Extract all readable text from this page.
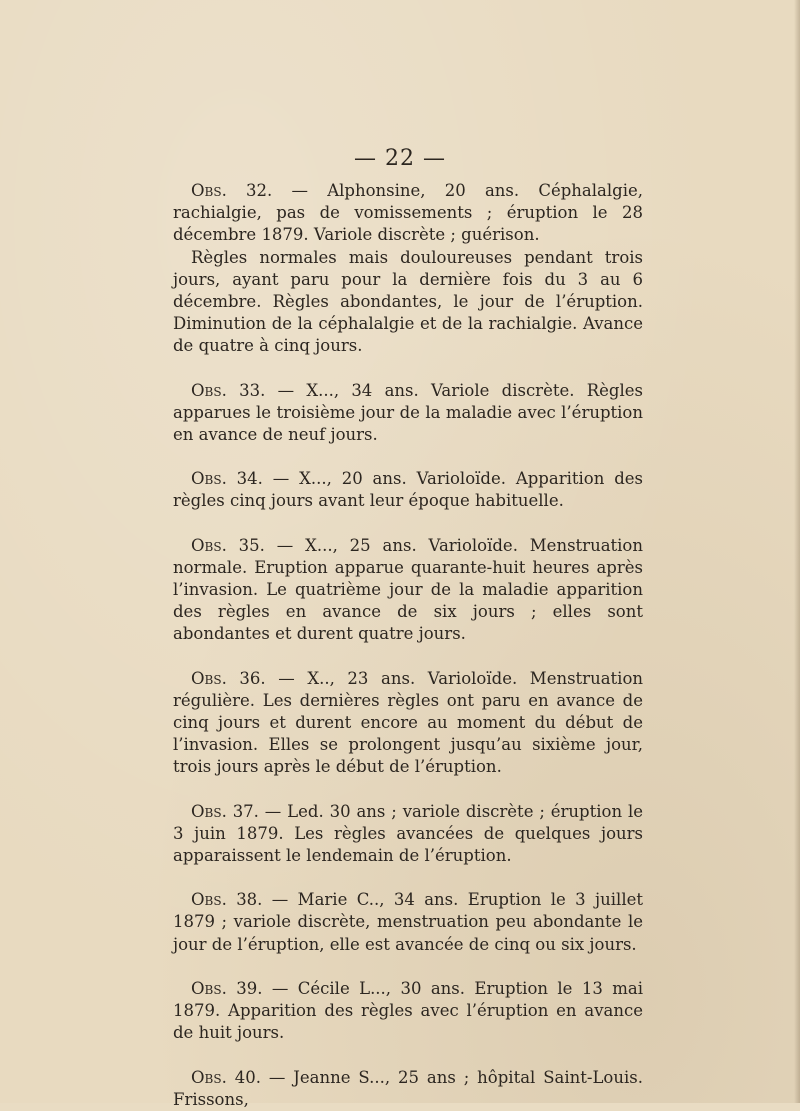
— 22 —

Obs. 32. — Alphonsine, 20 ans. Céphalalgie, rachialgie, pas de vomissements ; éruption le 28 décembre 1879. Variole discrète ; guérison.

Règles normales mais douloureuses pendant trois jours, ayant paru pour la dernière fois du 3 au 6 décembre. Règles abondantes, le jour de l’éruption. Diminution de la céphalalgie et de la rachialgie. Avance de quatre à cinq jours.

Obs. 33. — X..., 34 ans. Variole discrète. Règles apparues le troisième jour de la maladie avec l’éruption en avance de neuf jours.

Obs. 34. — X..., 20 ans. Varioloïde. Apparition des règles cinq jours avant leur époque habituelle.

Obs. 35. — X..., 25 ans. Varioloïde. Menstruation normale. Eruption apparue quarante-huit heures après l’invasion. Le quatrième jour de la maladie apparition des règles en avance de six jours ; elles sont abondantes et durent quatre jours.

Obs. 36. — X.., 23 ans. Varioloïde. Menstruation régulière. Les dernières règles ont paru en avance de cinq jours et durent encore au moment du début de l’invasion. Elles se prolongent jusqu’au sixième jour, trois jours après le début de l’éruption.

Obs. 37. — Led. 30 ans ; variole discrète ; éruption le 3 juin 1879. Les règles avancées de quelques jours apparaissent le lendemain de l’éruption.

Obs. 38. — Marie C.., 34 ans. Eruption le 3 juillet 1879 ; variole discrète, menstruation peu abondante le jour de l’éruption, elle est avancée de cinq ou six jours.

Obs. 39. — Cécile L..., 30 ans. Eruption le 13 mai 1879. Apparition des règles avec l’éruption en avance de huit jours.

Obs. 40. — Jeanne S..., 25 ans ; hôpital Saint-Louis. Frissons,
